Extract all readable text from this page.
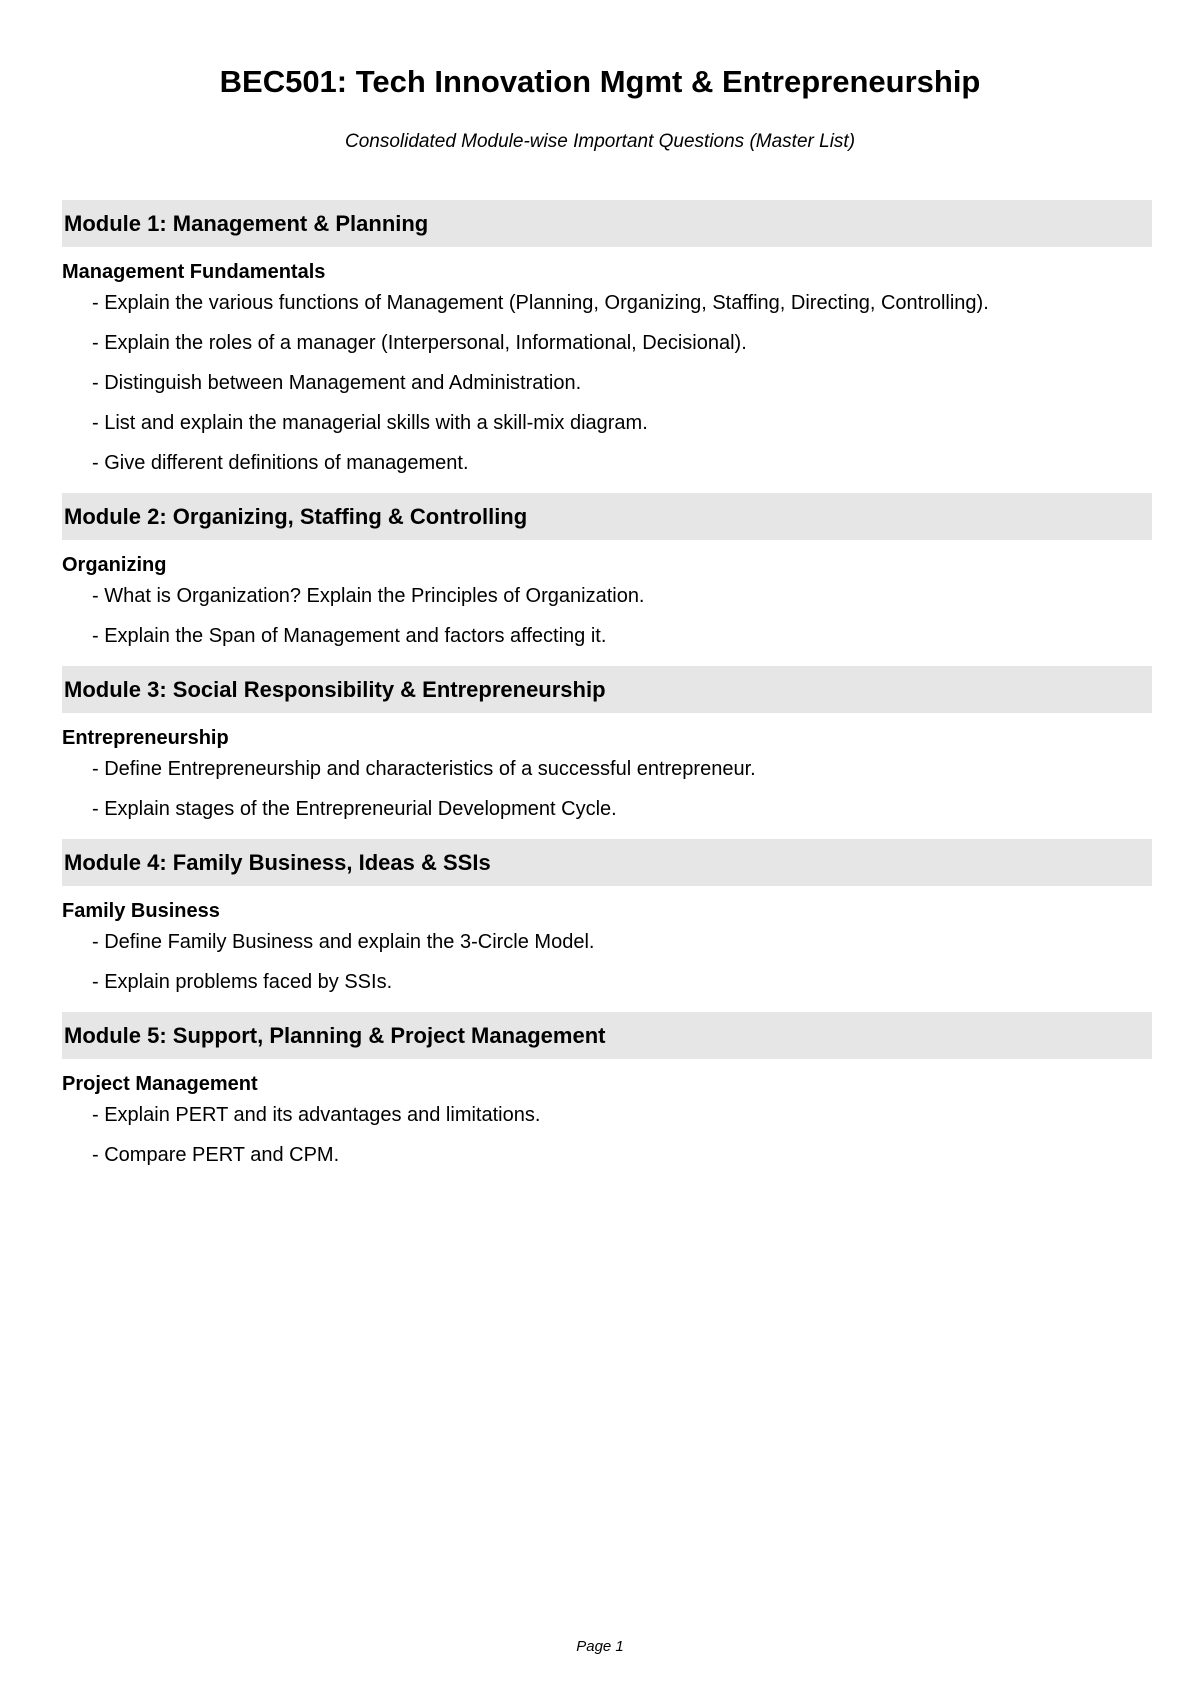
BEC501: Tech Innovation Mgmt & Entrepreneurship
Consolidated Module-wise Important Questions (Master List)
Module 1: Management & Planning
Management Fundamentals
- Explain the various functions of Management (Planning, Organizing, Staffing, Directing, Controlling).
- Explain the roles of a manager (Interpersonal, Informational, Decisional).
- Distinguish between Management and Administration.
- List and explain the managerial skills with a skill-mix diagram.
- Give different definitions of management.
Module 2: Organizing, Staffing & Controlling
Organizing
- What is Organization? Explain the Principles of Organization.
- Explain the Span of Management and factors affecting it.
Module 3: Social Responsibility & Entrepreneurship
Entrepreneurship
- Define Entrepreneurship and characteristics of a successful entrepreneur.
- Explain stages of the Entrepreneurial Development Cycle.
Module 4: Family Business, Ideas & SSIs
Family Business
- Define Family Business and explain the 3-Circle Model.
- Explain problems faced by SSIs.
Module 5: Support, Planning & Project Management
Project Management
- Explain PERT and its advantages and limitations.
- Compare PERT and CPM.
Page 1
